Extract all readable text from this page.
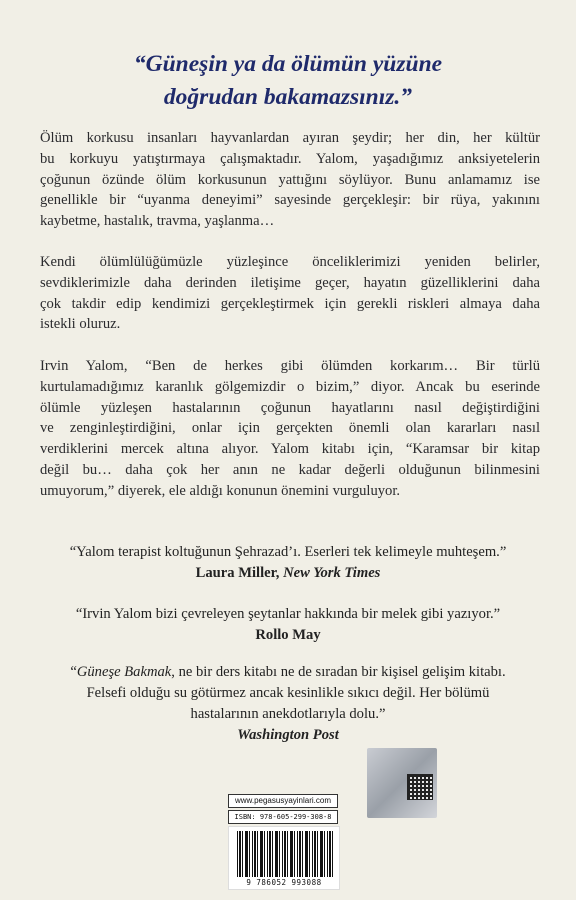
“Güneşin ya da ölümün yüzüne
doğrudan bakamazsınız.”
Ölüm korkusu insanları hayvanlardan ayıran şeydir; her din, her kültür
bu korkuyu yatıştırmaya çalışmaktadır. Yalom, yaşadığımız anksiyetelerin
çoğunun özünde ölüm korkusunun yattığını söylüyor. Bunu anlamamız ise
genellikle bir “uyanma deneyimi” sayesinde gerçekleşir: bir rüya, yakınını
kaybetme, hastalık, travma, yaşlanma…
Kendi ölümlülüğümüzle yüzleşince önceliklerimizi yeniden belirler,
sevdiklerimizle daha derinden iletişime geçer, hayatın güzelliklerini daha
çok takdir edip kendimizi gerçekleştirmek için gerekli riskleri almaya daha
istekli oluruz.
Irvin Yalom, “Ben de herkes gibi ölümden korkarım… Bir türlü
kurtulamadığımız karanlık gölgemizdir o bizim,” diyor. Ancak bu eserinde
ölümle yüzleşen hastalarının çoğunun hayatlarını nasıl değiştirdiğini
ve zenginleştirdiğini, onlar için gerçekten önemli olan kararları nasıl
verdiklerini mercek altına alıyor. Yalom kitabı için, “Karamsar bir kitap
değil bu… daha çok her anın ne kadar değerli olduğunun bilinmesini
umuyorum,” diyerek, ele aldığı konunun önemini vurguluyor.
“Yalom terapist koltuğunun Şehrazad’ı. Eserleri tek kelimeyle muhteşem.”
Laura Miller, New York Times
“Irvin Yalom bizi çevreleyen şeytanlar hakkında bir melek gibi yazıyor.”
Rollo May
“Güneşe Bakmak, ne bir ders kitabı ne de sıradan bir kişisel gelişim kitabı.
Felsefi olduğu su götürmez ancak kesinlikle sıkıcı değil. Her bölümü
hastalarının anekdotlarıyla dolu.”
Washington Post
www.pegasusyayinlari.com
ISBN: 978-605-299-308-8
9 786052 993088
